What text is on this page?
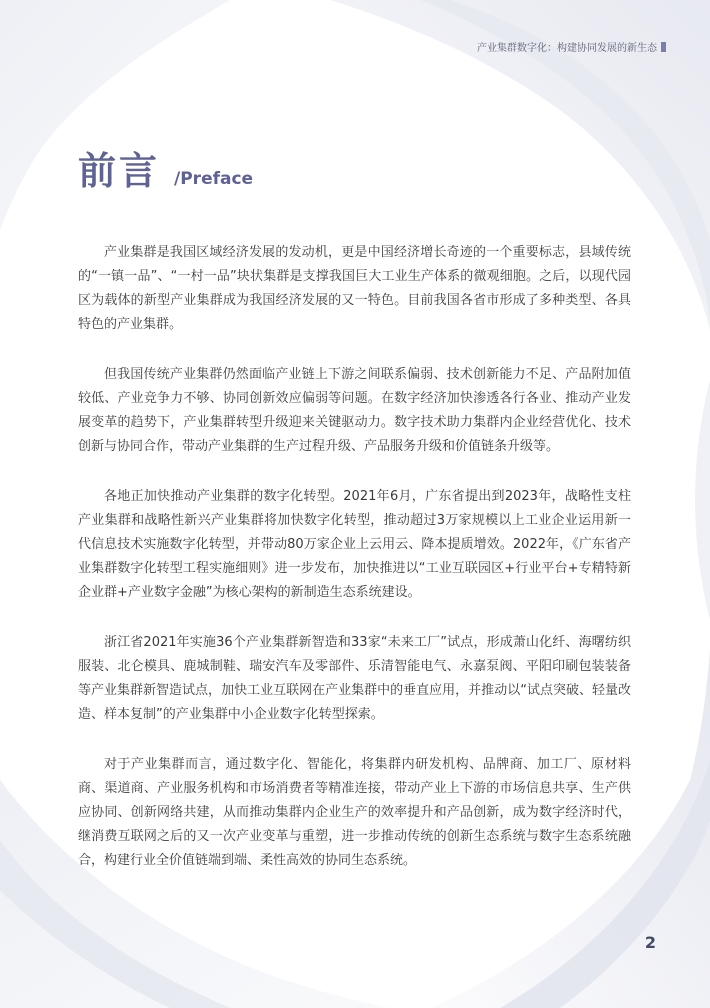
产业集群数字化：构建协同发展的新生态
前言 /Preface

产业集群是我国区域经济发展的发动机，更是中国经济增长奇迹的一个重要标志，县域传统的“一镇一品”、“一村一品”块状集群是支撑我国巨大工业生产体系的微观细胞。之后，以现代园区为载体的新型产业集群成为我国经济发展的又一特色。目前我国各省市形成了多种类型、各具特色的产业集群。

但我国传统产业集群仍然面临产业链上下游之间联系偏弱、技术创新能力不足、产品附加值较低、产业竞争力不够、协同创新效应偏弱等问题。在数字经济加快渗透各行各业、推动产业发展变革的趋势下，产业集群转型升级迎来关键驱动力。数字技术助力集群内企业经营优化、技术创新与协同合作，带动产业集群的生产过程升级、产品服务升级和价值链条升级等。

各地正加快推动产业集群的数字化转型。2021年6月，广东省提出到2023年，战略性支柱产业集群和战略性新兴产业集群将加快数字化转型，推动超过3万家规模以上工业企业运用新一代信息技术实施数字化转型，并带动80万家企业上云用云、降本提质增效。2022年，《广东省产业集群数字化转型工程实施细则》进一步发布，加快推进以“工业互联园区+行业平台+专精特新企业群+产业数字金融”为核心架构的新制造生态系统建设。

浙江省2021年实施36个产业集群新智造和33家“未来工厂”试点，形成萧山化纤、海曙纺织服装、北仑模具、鹿城制鞋、瑞安汽车及零部件、乐清智能电气、永嘉泵阀、平阳印刷包装装备等产业集群新智造试点，加快工业互联网在产业集群中的垂直应用，并推动以“试点突破、轻量改造、样本复制”的产业集群中小企业数字化转型探索。

对于产业集群而言，通过数字化、智能化，将集群内研发机构、品牌商、加工厂、原材料商、渠道商、产业服务机构和市场消费者等精准连接，带动产业上下游的市场信息共享、生产供应协同、创新网络共建，从而推动集群内企业生产的效率提升和产品创新，成为数字经济时代，继消费互联网之后的又一次产业变革与重塑，进一步推动传统的创新生态系统与数字生态系统融合，构建行业全价值链端到端、柔性高效的协同生态系统。

2
